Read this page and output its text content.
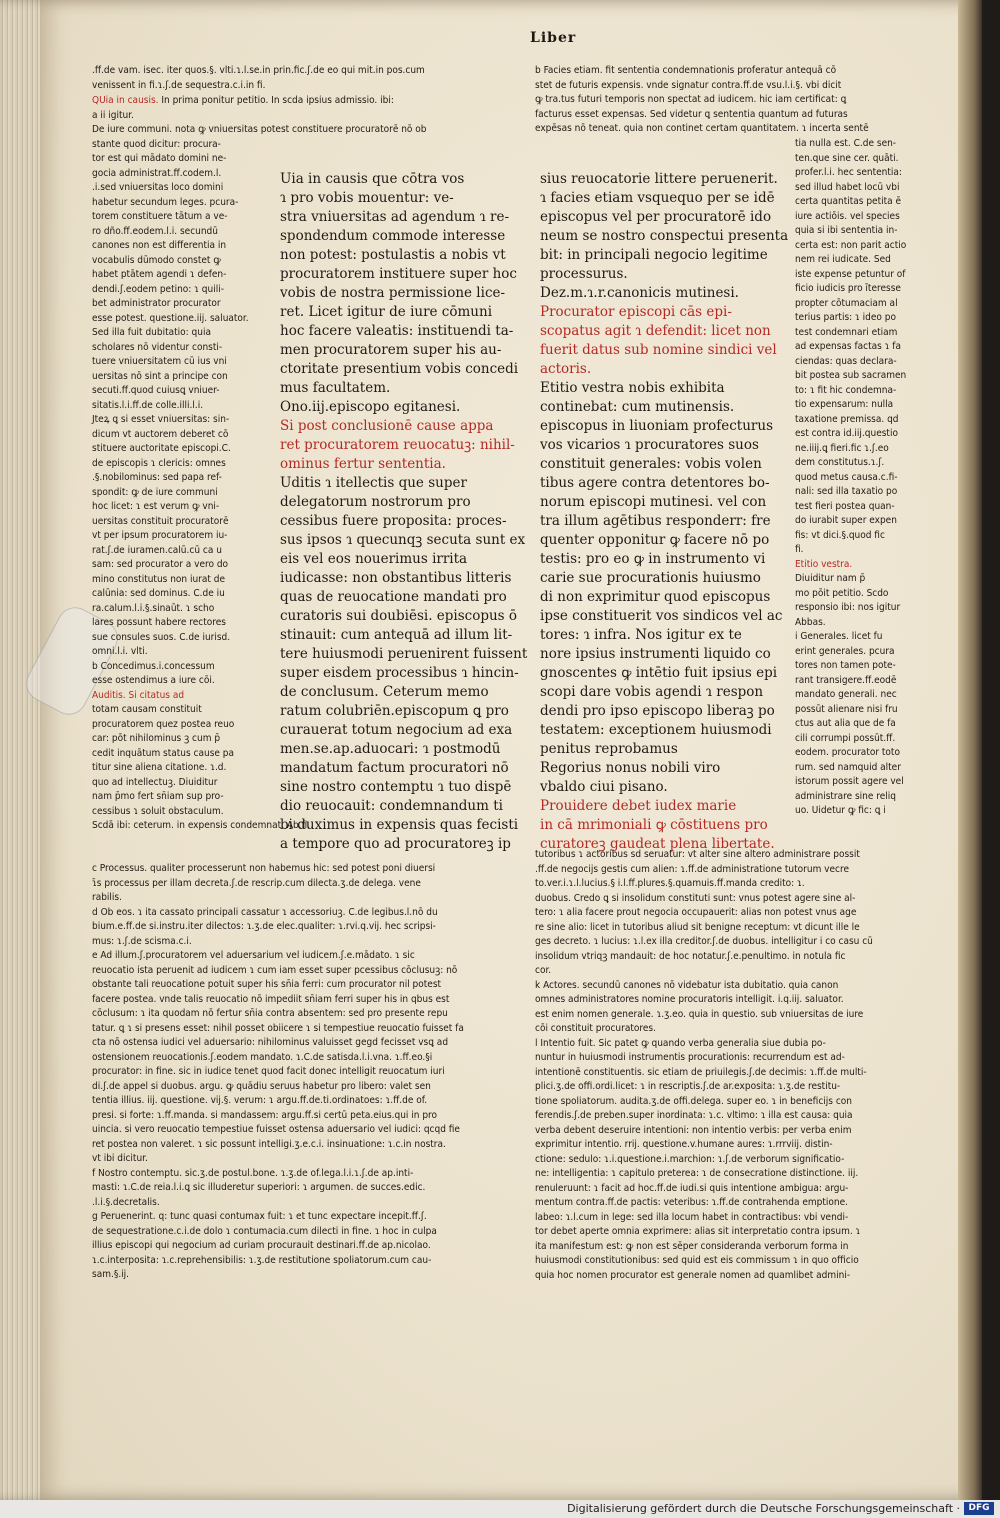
Liber

.ff.de vam. isec. iter quos.§. vlti.ɿ.l.se.in prin.fic.ʃ.de eo qui mit.in pos.cum

venissent in fi.ɿ.ʃ.de sequestra.c.i.in fi.

QUia in causis. In prima ponitur petitio. In scda ipsius admissio. ibi:

a ii igitur.

De iure communi. nota ꝙ vniuersitas potest constituere procuratorē nō ob

stante quod dicitur: procura-

tor est qui mādato domini ne-

gocia administrat.ff.codem.l.

.i.sed vniuersitas loco domini

habetur secundum leges. pcura-

torem constituere tātum a ve-

ro dño.ff.eodem.l.i. secundū

canones non est differentia in

vocabulis dūmodo constet ꝙ

habet ptātem agendi ɿ defen-

dendi.ʃ.eodem petino: ɿ quili-

bet administrator procurator

esse potest. questione.iij. saluator.

Sed illa fuit dubitatio: quia

scholares nō videntur consti-

tuere vniuersitatem cū ius vni

uersitas nō sint a principe con

secuti.ff.quod cuiusꝗ vniuer-

sitatis.l.i.ff.de colle.illi.l.i.

Jteꝝ ꝗ si esset vniuersitas: sin-

dicum vt auctorem deberet cō

stituere auctoritate episcopi.C.

de episcopis ɿ clericis: omnes

.§.nobilominus: sed papa ref-

spondit: ꝙ de iure communi

hoc licet: ɿ est verum ꝙ vni-

uersitas constituit procuratorē

vt per ipsum procuratorem iu-

rat.ʃ.de iuramen.calū.cū ca u

sam: sed procurator a vero do

mino constitutus non iurat de

calūnia: sed dominus. C.de iu

ra.calum.l.i.§.sinaūt. ɿ scho

lares possunt habere rectores

sue consules suos. C.de iurisd.

omni.l.i. vlti.

b Concedimus.i.concessum

esse ostendimus a iure cōi.

Auditis. Si citatus ad

totam causam constituit

procuratorem quez postea reuo

car: pōt nihilominus ꝫ cum p̄

cedit inquātum status cause pa

titur sine aliena citatione. ɿ.d.

quo ad intellectuꝫ. Diuiditur

nam p̄mo fert sn̄iam sup pro-

cessibus ɿ soluit obstaculum.

Scdā ibi: ceterum. in expensis condemnat. Ab.fi.

Uia in causis que cōtra vos

ɿ pro vobis mouentur: ve-

stra vniuersitas ad agendum ɿ re-

spondendum commode interesse

non potest: postulastis a nobis vt

procuratorem instituere super hoc

vobis de nostra permissione lice-

ret. Licet igitur de iure cōmuni

hoc facere valeatis: instituendi ta-

men procuratorem super his au-

ctoritate presentium vobis concedi

mus facultatem.

Ono.iij.episcopo egitanesi.

Si post conclusionē cause appa

ret procuratorem reuocatuꝫ: nihil-

ominus fertur sententia.

Uditis ɿ itellectis que super

delegatorum nostrorum pro

cessibus fuere proposita: proces-

sus ipsos ɿ quecunqꝫ secuta sunt ex

eis vel eos nouerimus irrita

iudicasse: non obstantibus litteris

quas de reuocatione mandati pro

curatoris sui doubiēsi. episcopus ō

stinauit: cum antequā ad illum lit-

tere huiusmodi peruenirent fuissent

super eisdem processibus ɿ hincin-

de conclusum. Ceterum memo

ratum colubriēn.episcopum ꝗ pro

curauerat totum negocium ad exa

men.se.ap.aduocari: ɿ postmodū

mandatum factum procuratori nō

sine nostro contemptu ɿ tuo dispē

dio reuocauit: condemnandum ti

bi duximus in expensis quas fecisti

a tempore quo ad procuratoreꝫ ip

sius reuocatorie littere peruenerit.

ɿ facies etiam vsquequo per se idē

episcopus vel per procuratorē ido

neum se nostro conspectui presenta

bit: in principali negocio legitime

processurus.

Dez.m.ɿ.r.canonicis mutinesi.

Procurator episcopi cās epi-

scopatus agit ɿ defendit: licet non

fuerit datus sub nomine sindici vel

actoris.

Etitio vestra nobis exhibita

continebat: cum mutinensis.

episcopus in liuoniam profecturus

vos vicarios ɿ procuratores suos

constituit generales: vobis volen

tibus agere contra detentores bo-

norum episcopi mutinesi. vel con

tra illum agētibus responderr: fre

quenter opponitur ꝙ facere nō po

testis: pro eo ꝙ in instrumento vi

carie sue procurationis huiusmo

di non exprimitur quod episcopus

ipse constituerit vos sindicos vel ac

tores: ɿ infra. Nos igitur ex te

nore ipsius instrumenti liquido co

gnoscentes ꝙ intētio fuit ipsius epi

scopi dare vobis agendi ɿ respon

dendi pro ipso episcopo liberaꝫ po

testatem: exceptionem huiusmodi

penitus reprobamus

Regorius nonus nobili viro

vbaldo ciui pisano.

Prouidere debet iudex marie

in cā mrimoniali ꝙ cōstituens pro

curatoreꝫ gaudeat plena libertate.

b Facies etiam. fit sententia condemnationis proferatur antequā cō

stet de futuris expensis. vnde signatur contra.ff.de vsu.l.i.§. vbi dicit

ꝙ tra.tus futuri temporis non spectat ad iudicem. hic iam certificat: ꝗ

facturus esset expensas. Sed videtur ꝗ sententia quantum ad futuras

expēsas nō teneat. quia non continet certam quantitatem. ɿ incerta sentē

tia nulla est. C.de sen-

ten.que sine cer. quāti.

profer.l.i. hec sententia:

sed illud habet locū vbi

certa quantitas petita ē

iure actiōis. vel species

quia si ibi sententia in-

certa est: non parit actio

nem rei iudicate. Sed

iste expense petuntur of

ficio iudicis pro īteresse

propter cōtumaciam al

terius partis: ɿ ideo po

test condemnari etiam

ad expensas factas ɿ fa

ciendas: quas declara-

bit postea sub sacramen

to: ɿ fit hic condemna-

tio expensarum: nulla

taxatione premissa. qd

est contra id.iij.questio

ne.iiij.ꝗ fieri.fic ɿ.ʃ.eo

dem constitutus.ɿ.ʃ.

quod metus causa.c.fi-

nali: sed illa taxatio po

test fieri postea quan-

do iurabit super expen

fis: vt dici.§.quod fic

fi.

Etitio vestra.

Diuiditur nam p̄

mo pōit petitio. Scdo

responsio ibi: nos igitur

Abbas.

i Generales. licet fu

erint generales. pcura

tores non tamen pote-

rant transigere.ff.eodē

mandato generali. nec

possūt alienare nisi fru

ctus aut alia que de fa

cili corrumpi possūt.ff.

eodem. procurator toto

rum. sed namquid alter

istorum possit agere vel

administrare sine reliq

uo. Uidetur ꝙ fic: ꝗ i

c Processus. qualiter processerunt non habemus hic: sed potest poni diuersi

ɿ̄s processus per illam decreta.ʃ.de rescrip.cum dilecta.ʒ.de delega. vene

rabilis.

d Ob eos. ɿ ita cassato principali cassatur ɿ accessoriuꝫ. C.de legibus.l.nō du

bium.e.ff.de si.instru.iter dilectos: ɿ.ʒ.de elec.qualiter: ɿ.rvi.q.vij. hec scripsi-

mus: ɿ.ʃ.de scisma.c.i.

e Ad illum.ʃ.procuratorem vel aduersarium vel iudicem.ʃ.e.mādato. ɿ sic

reuocatio ista peruenit ad iudicem ɿ cum iam esset super pcessibus cōclusuꝫ: nō

obstante tali reuocatione potuit super his sn̄ia ferri: cum procurator nil potest

facere postea. vnde talis reuocatio nō impediit sn̄iam ferri super his in qbus est

cōclusum: ɿ ita quodam nō fertur sn̄ia contra absentem: sed pro presente repu

tatur. ꝗ ɿ si presens esset: nihil posset obiicere ɿ si tempestiue reuocatio fuisset fa

cta nō ostensa iudici vel aduersario: nihilominus valuisset gegd fecisset vsꝗ ad

ostensionem reuocationis.ʃ.eodem mandato. ɿ.C.de satisda.l.i.vna. ɿ.ff.eo.§i

procurator: in fine. sic in iudice tenet quod facit donec intelligit reuocatum iuri

di.ʃ.de appel si duobus. argu. ꝙ quādiu seruus habetur pro libero: valet sen

tentia illius. iij. questione. vij.§. verum: ɿ argu.ff.de.ti.ordinatoes: ɿ.ff.de of.

presi. si forte: ɿ.ff.manda. si mandassem: argu.ff.si certū peta.eius.qui in pro

uincia. si vero reuocatio tempestiue fuisset ostensa aduersario vel iudici: qcqd fie

ret postea non valeret. ɿ sic possunt intelligi.ʒ.e.c.i. insinuatione: ɿ.c.in nostra.

vt ibi dicitur.

f Nostro contemptu. sic.ʒ.de postul.bone. ɿ.ʒ.de of.lega.l.i.ɿ.ʃ.de ap.inti-

masti: ɿ.C.de reia.l.i.ꝗ sic illuderetur superiori: ɿ argumen. de succes.edic.

.l.i.§.decretalis.

g Peruenerint. q: tunc quasi contumax fuit: ɿ et tunc expectare incepit.ff.ʃ.

de sequestratione.c.i.de dolo ɿ contumacia.cum dilecti in fine. ɿ hoc in culpa

illius episcopi qui negocium ad curiam procurauit destinari.ff.de ap.nicolao.

ɿ.c.interposita: ɿ.c.reprehensibilis: ɿ.ʒ.de restitutione spoliatorum.cum cau-

sam.§.ij.

tutoribus ɿ actoribus sd seruatur: vt alter sine altero administrare possit

.ff.de negocijs gestis cum alien: ɿ.ff.de administratione tutorum vecre

to.ver.i.ɿ.l.lucius.§ i.l.ff.plures.§.quamuis.ff.manda credito: ɿ.

duobus. Credo ꝗ si insolidum constituti sunt: vnus potest agere sine al-

tero: ɿ alia facere prout negocia occupauerit: alias non potest vnus age

re sine alio: licet in tutoribus aliud sit benigne receptum: vt dicunt ille le

ges decreto. ɿ lucius: ɿ.l.ex illa creditor.ʃ.de duobus. intelligitur i co casu cū

insolidum vtriqꝫ mandauit: de hoc notatur.ʃ.e.penultimo. in notula fic

cor.

k Actores. secundū canones nō videbatur ista dubitatio. quia canon

omnes administratores nomine procuratoris intelligit. i.q.iij. saluator.

est enim nomen generale. ɿ.ʒ.eo. quia in questio. sub vniuersitas de iure

cōi constituit procuratores.

l Intentio fuit. Sic patet ꝙ quando verba generalia siue dubia po-

nuntur in huiusmodi instrumentis procurationis: recurrendum est ad-

intentionē constituentis. sic etiam de priuilegis.ʃ.de decimis: ɿ.ff.de multi-

plici.ʒ.de offi.ordi.licet: ɿ in rescriptis.ʃ.de ar.exposita: ɿ.ʒ.de restitu-

tione spoliatorum. audita.ʒ.de offi.delega. super eo. ɿ in beneficijs con

ferendis.ʃ.de preben.super inordinata: ɿ.c. vltimo: ɿ illa est causa: quia

verba debent deseruire intentioni: non intentio verbis: per verba enim

exprimitur intentio. rrij. questione.v.humane aures: ɿ.rrrviij. distin-

ctione: sedulo: ɿ.i.questione.i.marchion: ɿ.ʃ.de verborum significatio-

ne: intelligentia: ɿ capitulo preterea: ɿ de consecratione distinctione. iij.

renuleruunt: ɿ facit ad hoc.ff.de iudi.si quis intentione ambigua: argu-

mentum contra.ff.de pactis: veteribus: ɿ.ff.de contrahenda emptione.

labeo: ɿ.l.cum in lege: sed illa locum habet in contractibus: vbi vendi-

tor debet aperte omnia exprimere: alias sit interpretatio contra ipsum. ɿ

ita manifestum est: ꝙ non est sēper consideranda verborum forma in

huiusmodi constitutionibus: sed quid est eis commissum ɿ in quo officio

quia hoc nomen procurator est generale nomen ad quamlibet admini-

Digitalisierung gefördert durch die Deutsche Forschungsgemeinschaft · DFG
